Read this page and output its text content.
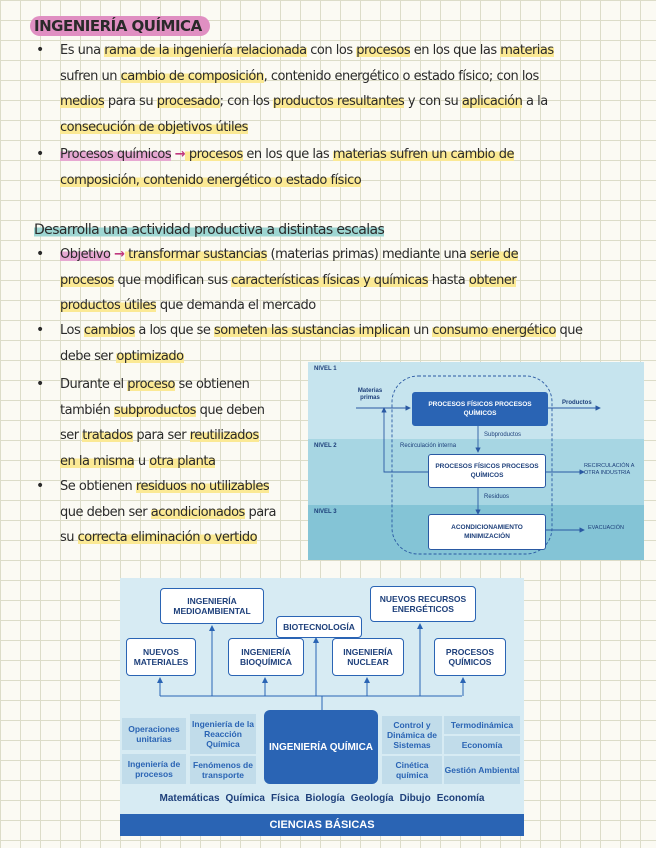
INGENIERÍA QUÍMICA
• Es una rama de la ingeniería relacionada con los procesos en los que las materias
sufren un cambio de composición, contenido energético o estado físico; con los
medios para su procesado; con los productos resultantes y con su aplicación a la
consecución de objetivos útiles
• Procesos químicos → procesos en los que las materias sufren un cambio de
composición, contenido energético o estado físico
Desarrolla una actividad productiva a distintas escalas
• Objetivo → transformar sustancias (materias primas) mediante una serie de
procesos que modifican sus características físicas y químicas hasta obtener
productos útiles que demanda el mercado
• Los cambios a los que se someten las sustancias implican un consumo energético que
debe ser optimizado
• Durante el proceso se obtienen
también subproductos que deben
ser tratados para ser reutilizados
en la misma u otra planta
• Se obtienen residuos no utilizables
que deben ser acondicionados para
su correcta eliminación o vertido
NIVEL 1
NIVEL 2
NIVEL 3
Materias primas
PROCESOS FÍSICOS PROCESOS QUÍMICOS
Productos
Subproductos
Recirculación interna
PROCESOS FÍSICOS PROCESOS QUÍMICOS
RECIRCULACIÓN A OTRA INDUSTRIA
Residuos
ACONDICIONAMIENTO MINIMIZACIÓN
EVACUACIÓN
INGENIERÍA MEDIOAMBIENTAL
BIOTECNOLOGÍA
NUEVOS RECURSOS ENERGÉTICOS
NUEVOS MATERIALES
INGENIERÍA BIOQUÍMICA
INGENIERÍA NUCLEAR
PROCESOS QUÍMICOS
Operaciones unitarias
Ingeniería de la Reacción Química
Ingeniería de procesos
Fenómenos de transporte
INGENIERÍA QUÍMICA
Control y Dinámica de Sistemas
Termodinámica
Economía
Cinética química	Gestión Ambiental
Matemáticas Química Física Biología Geología Dibujo Economía
CIENCIAS BÁSICAS
